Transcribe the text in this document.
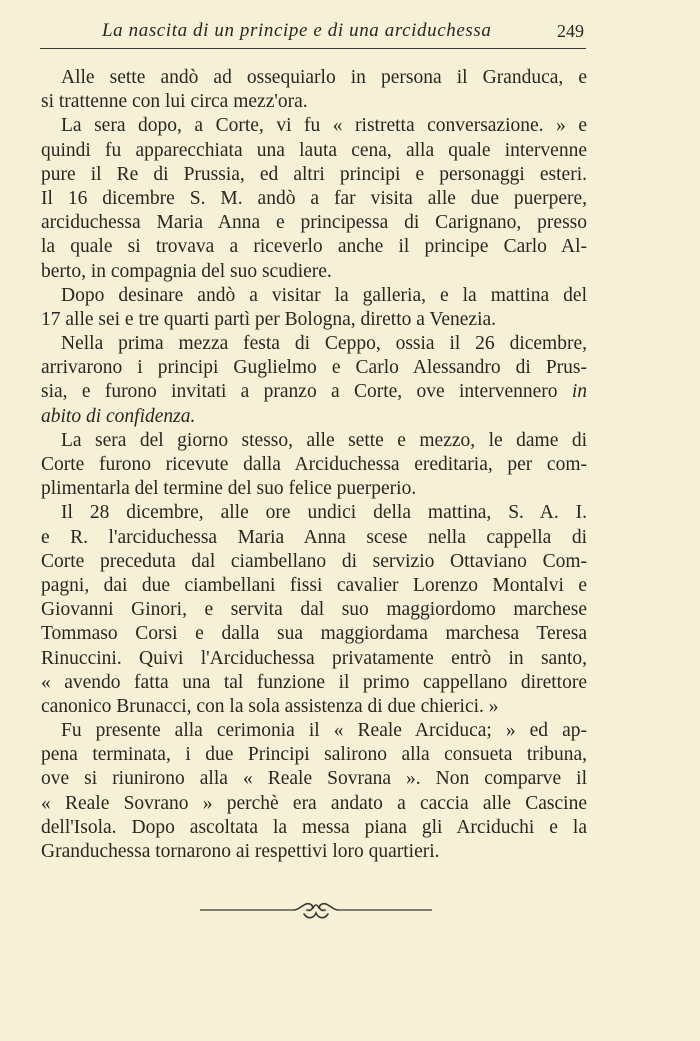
La nascita di un principe e di una arciduchessa	249
Alle sette andò ad ossequiarlo in persona il Granduca, e
si trattenne con lui circa mezz'ora.
La sera dopo, a Corte, vi fu « ristretta conversazione. » e
quindi fu apparecchiata una lauta cena, alla quale intervenne
pure il Re di Prussia, ed altri principi e personaggi esteri.
Il 16 dicembre S. M. andò a far visita alle due puerpere,
arciduchessa Maria Anna e principessa di Carignano, presso
la quale si trovava a riceverlo anche il principe Carlo Al-
berto, in compagnia del suo scudiere.
Dopo desinare andò a visitar la galleria, e la mattina del
17 alle sei e tre quarti partì per Bologna, diretto a Venezia.
Nella prima mezza festa di Ceppo, ossia il 26 dicembre,
arrivarono i principi Guglielmo e Carlo Alessandro di Prus-
sia, e furono invitati a pranzo a Corte, ove intervennero in
abito di confidenza.
La sera del giorno stesso, alle sette e mezzo, le dame di
Corte furono ricevute dalla Arciduchessa ereditaria, per com-
plimentarla del termine del suo felice puerperio.
Il 28 dicembre, alle ore undici della mattina, S. A. I.
e R. l'arciduchessa Maria Anna scese nella cappella di
Corte preceduta dal ciambellano di servizio Ottaviano Com-
pagni, dai due ciambellani fissi cavalier Lorenzo Montalvi e
Giovanni Ginori, e servita dal suo maggiordomo marchese
Tommaso Corsi e dalla sua maggiordama marchesa Teresa
Rinuccini. Quivi l'Arciduchessa privatamente entrò in santo,
« avendo fatta una tal funzione il primo cappellano direttore
canonico Brunacci, con la sola assistenza di due chierici. »
Fu presente alla cerimonia il « Reale Arciduca; » ed ap-
pena terminata, i due Principi salirono alla consueta tribuna,
ove si riunirono alla « Reale Sovrana ». Non comparve il
« Reale Sovrano » perchè era andato a caccia alle Cascine
dell'Isola. Dopo ascoltata la messa piana gli Arciduchi e la
Granduchessa tornarono ai respettivi loro quartieri.
